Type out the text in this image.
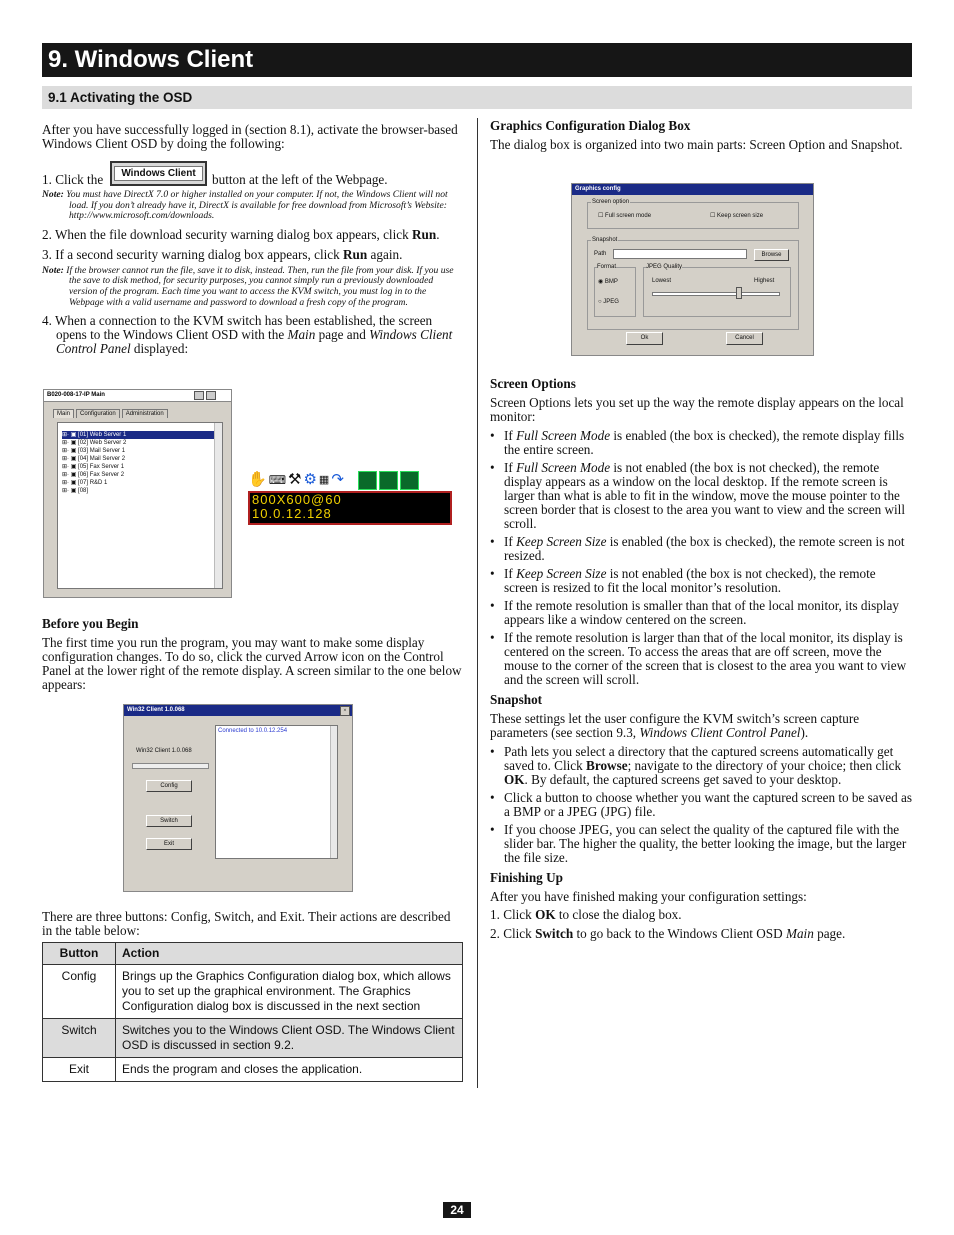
9. Windows Client
9.1 Activating the OSD

After you have successfully logged in (section 8.1), activate the browser-based Windows Client OSD by doing the following:

1. Click the	Windows Client	button at the left of the Webpage.

Note: You must have DirectX 7.0 or higher installed on your computer. If not, the Windows Client will not load. If you don’t already have it, DirectX is available for free download from Microsoft’s Website: http://www.microsoft.com/downloads.

2. When the file download security warning dialog box appears, click Run.

3. If a second security warning dialog box appears, click Run again.

Note: If the browser cannot run the file, save it to disk, instead. Then, run the file from your disk. If you use the save to disk method, for security purposes, you cannot simply run a previously downloaded version of the program. Each time you want to access the KVM switch, you must log in to the Webpage with a valid username and password to download a fresh copy of the program.

4. When a connection to the KVM switch has been established, the screen opens to the Windows Client OSD with the Main page and Windows Client Control Panel displayed:

B020-008-17-IP Main

Main	Configuration	Administration
⊞· ▣ [01] Web Server 1
⊞· ▣ [02] Web Server 2
⊞· ▣ [03] Mail Server 1
⊞· ▣ [04] Mail Server 2
⊞· ▣ [05] Fax Server 1
⊞· ▣ [06] Fax Server 2
⊞· ▣ [07] R&D 1
⊞· ▣ [08]
✋ ⌨ ⚒ ⚙ ▦ ↷
800X600@60
10.0.12.128

Before you Begin

The first time you run the program, you may want to make some display configuration changes. To do so, click the curved Arrow icon on the Control Panel at the lower right of the remote display. A screen similar to the one below appears:

Win32 Client 1.0.068	×
Win32 Client 1.0.068
Config
Switch
Exit
Connected to 10.0.12.254

There are three buttons: Config, Switch, and Exit. Their actions are described in the table below:

Button	Action
Config	Brings up the Graphics Configuration dialog box, which allows you to set up the graphical environment. The Graphics Configuration dialog box is discussed in the next section
Switch	Switches you to the Windows Client OSD. The Windows Client OSD is discussed in section 9.2.
Exit	Ends the program and closes the application.

Graphics Configuration Dialog Box

The dialog box is organized into two main parts: Screen Option and Snapshot.

Graphics config
Screen option
☐ Full screen mode	☐ Keep screen size
Snapshot
Path	Browse
Format
◉ BMP
○ JPEG
JPEG Quality
Lowest	Highest
Ok	Cancel

Screen Options

Screen Options lets you set up the way the remote display appears on the local monitor:

• If Full Screen Mode is enabled (the box is checked), the remote display fills the entire screen.
• If Full Screen Mode is not enabled (the box is not checked), the remote display appears as a window on the local desktop. If the remote screen is larger than what is able to fit in the window, move the mouse pointer to the screen border that is closest to the area you want to view and the screen will scroll.
• If Keep Screen Size is enabled (the box is checked), the remote screen is not resized.
• If Keep Screen Size is not enabled (the box is not checked), the remote screen is resized to fit the local monitor’s resolution.
• If the remote resolution is smaller than that of the local monitor, its display appears like a window centered on the screen.
• If the remote resolution is larger than that of the local monitor, its display is centered on the screen. To access the areas that are off screen, move the mouse to the corner of the screen that is closest to the area you want to view and the screen will scroll.

Snapshot

These settings let the user configure the KVM switch’s screen capture parameters (see section 9.3, Windows Client Control Panel).

• Path lets you select a directory that the captured screens automatically get saved to. Click Browse; navigate to the directory of your choice; then click OK. By default, the captured screens get saved to your desktop.
• Click a button to choose whether you want the captured screen to be saved as a BMP or a JPEG (JPG) file.
• If you choose JPEG, you can select the quality of the captured file with the slider bar. The higher the quality, the better looking the image, but the larger the file size.

Finishing Up

After you have finished making your configuration settings:

1. Click OK to close the dialog box.

2. Click Switch to go back to the Windows Client OSD Main page.

24
